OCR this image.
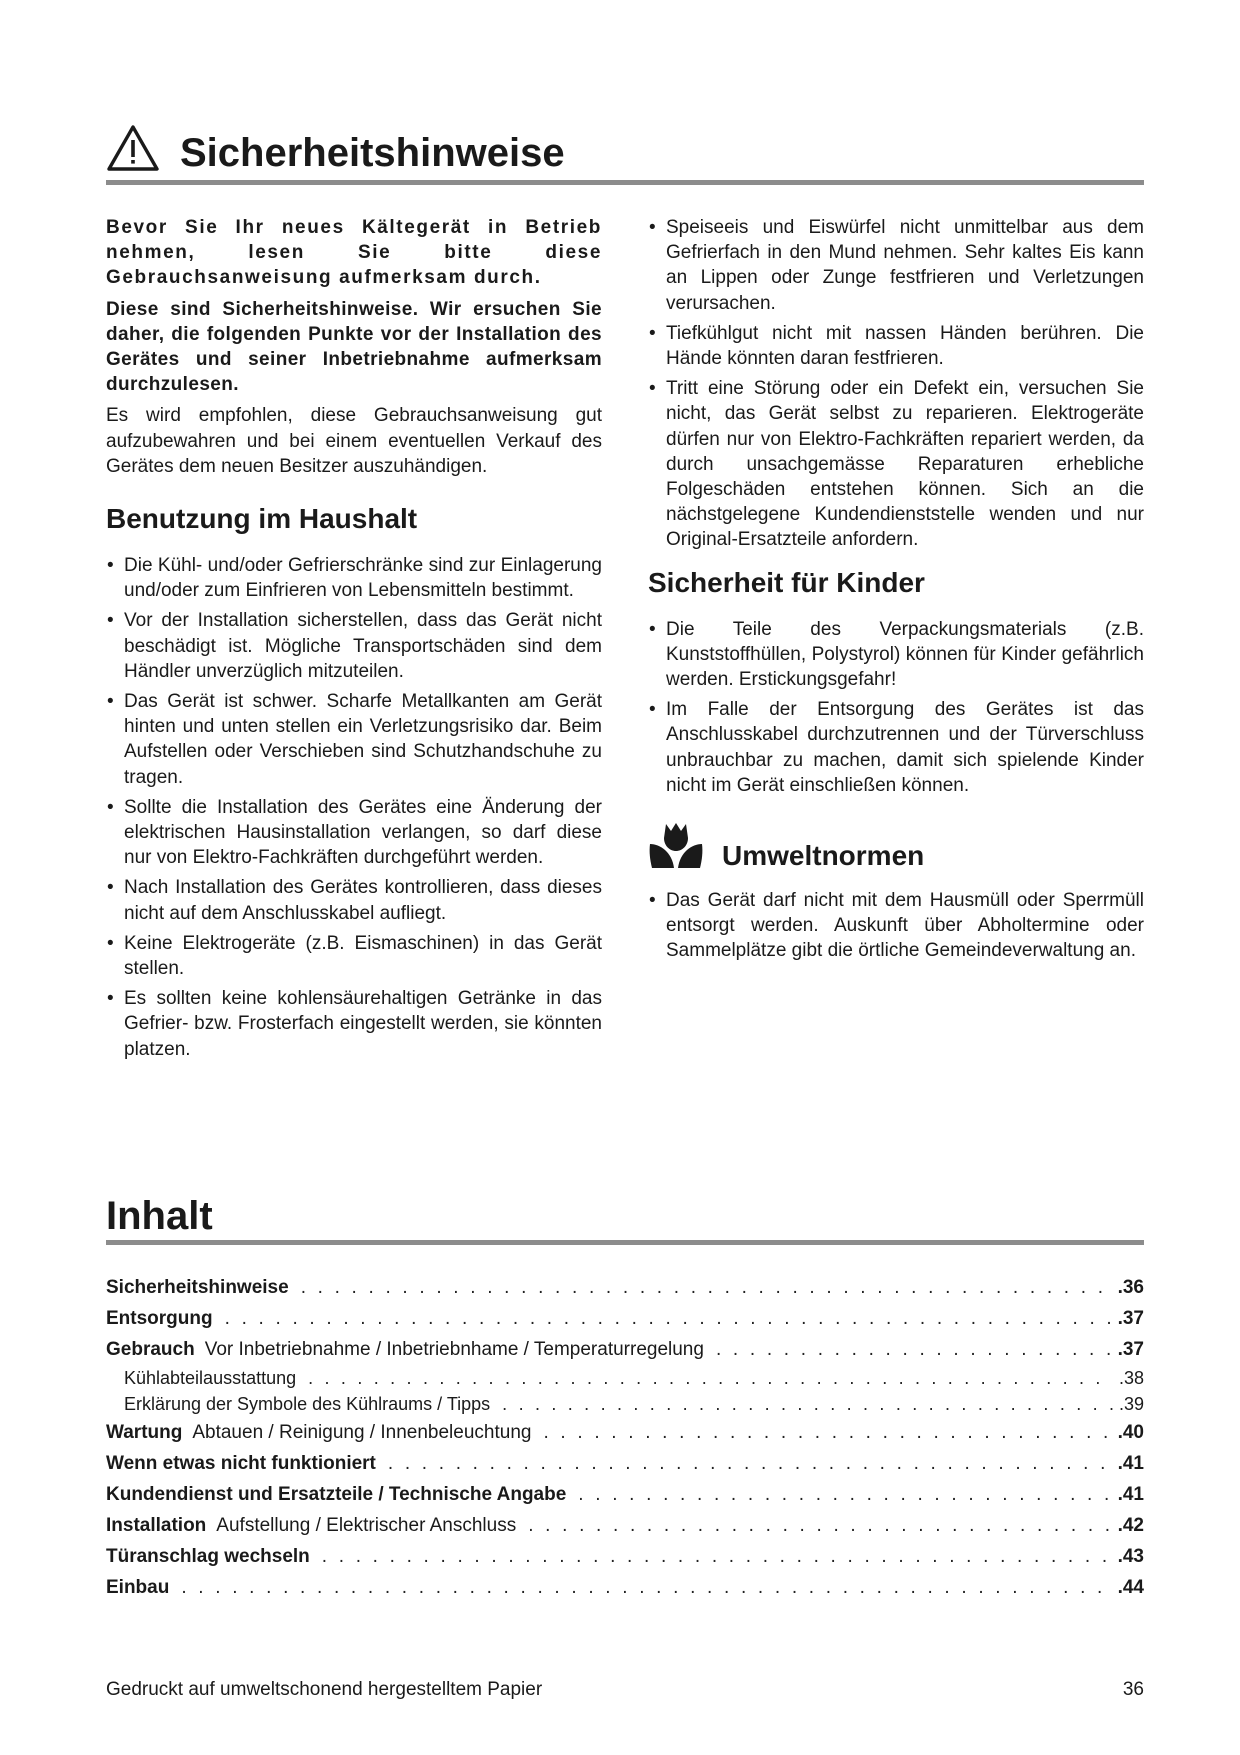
Sicherheitshinweise

Bevor Sie Ihr neues Kältegerät in Betrieb nehmen, lesen Sie bitte diese Gebrauchsanweisung aufmerksam durch.

Diese sind Sicherheitshinweise. Wir ersuchen Sie daher, die folgenden Punkte vor der Installation des Gerätes und seiner Inbetriebnahme aufmerksam durchzulesen.

Es wird empfohlen, diese Gebrauchsanweisung gut aufzubewahren und bei einem eventuellen Verkauf des Gerätes dem neuen Besitzer auszuhändigen.

Benutzung im Haushalt
• Die Kühl- und/oder Gefrierschränke sind zur Einlagerung und/oder zum Einfrieren von Lebensmitteln bestimmt.
• Vor der Installation sicherstellen, dass das Gerät nicht beschädigt ist. Mögliche Transportschäden sind dem Händler unverzüglich mitzuteilen.
• Das Gerät ist schwer. Scharfe Metallkanten am Gerät hinten und unten stellen ein Verletzungsrisiko dar. Beim Aufstellen oder Verschieben sind Schutzhandschuhe zu tragen.
• Sollte die Installation des Gerätes eine Änderung der elektrischen Hausinstallation verlangen, so darf diese nur von Elektro-Fachkräften durchgeführt werden.
• Nach Installation des Gerätes kontrollieren, dass dieses nicht auf dem Anschlusskabel aufliegt.
• Keine Elektrogeräte (z.B. Eismaschinen) in das Gerät stellen.
• Es sollten keine kohlensäurehaltigen Getränke in das Gefrier- bzw. Frosterfach eingestellt werden, sie könnten platzen.
• Speiseeis und Eiswürfel nicht unmittelbar aus dem Gefrierfach in den Mund nehmen. Sehr kaltes Eis kann an Lippen oder Zunge festfrieren und Verletzungen verursachen.
• Tiefkühlgut nicht mit nassen Händen berühren. Die Hände könnten daran festfrieren.
• Tritt eine Störung oder ein Defekt ein, versuchen Sie nicht, das Gerät selbst zu reparieren. Elektrogeräte dürfen nur von Elektro-Fachkräften repariert werden, da durch unsachgemässe Reparaturen erhebliche Folgeschäden entstehen können. Sich an die nächstgelegene Kundendienststelle wenden und nur Original-Ersatzteile anfordern.
Sicherheit für Kinder
• Die Teile des Verpackungsmaterials (z.B. Kunststoffhüllen, Polystyrol) können für Kinder gefährlich werden. Erstickungsgefahr!
• Im Falle der Entsorgung des Gerätes ist das Anschlusskabel durchzutrennen und der Türverschluss unbrauchbar zu machen, damit sich spielende Kinder nicht im Gerät einschließen können.
Umweltnormen
• Das Gerät darf nicht mit dem Hausmüll oder Sperrmüll entsorgt werden. Auskunft über Abholtermine oder Sammelplätze gibt die örtliche Gemeindeverwaltung an.
Inhalt
Sicherheitshinweise . . .	.36
Entsorgung . . .	.37
Gebrauch Vor Inbetriebnahme / Inbetriebnhame / Temperaturregelung . . .	.37
Kühlabteilausstattung . . .	.38
Erklärung der Symbole des Kühlraums / Tipps . . .	.39
Wartung Abtauen / Reinigung / Innenbeleuchtung . . .	.40
Wenn etwas nicht funktioniert . . .	.41
Kundendienst und Ersatzteile / Technische Angabe . . .	.41
Installation Aufstellung / Elektrischer Anschluss . . .	.42
Türanschlag wechseln . . .	.43
Einbau . . .	.44
Gedruckt auf umweltschonend hergestelltem Papier	36
